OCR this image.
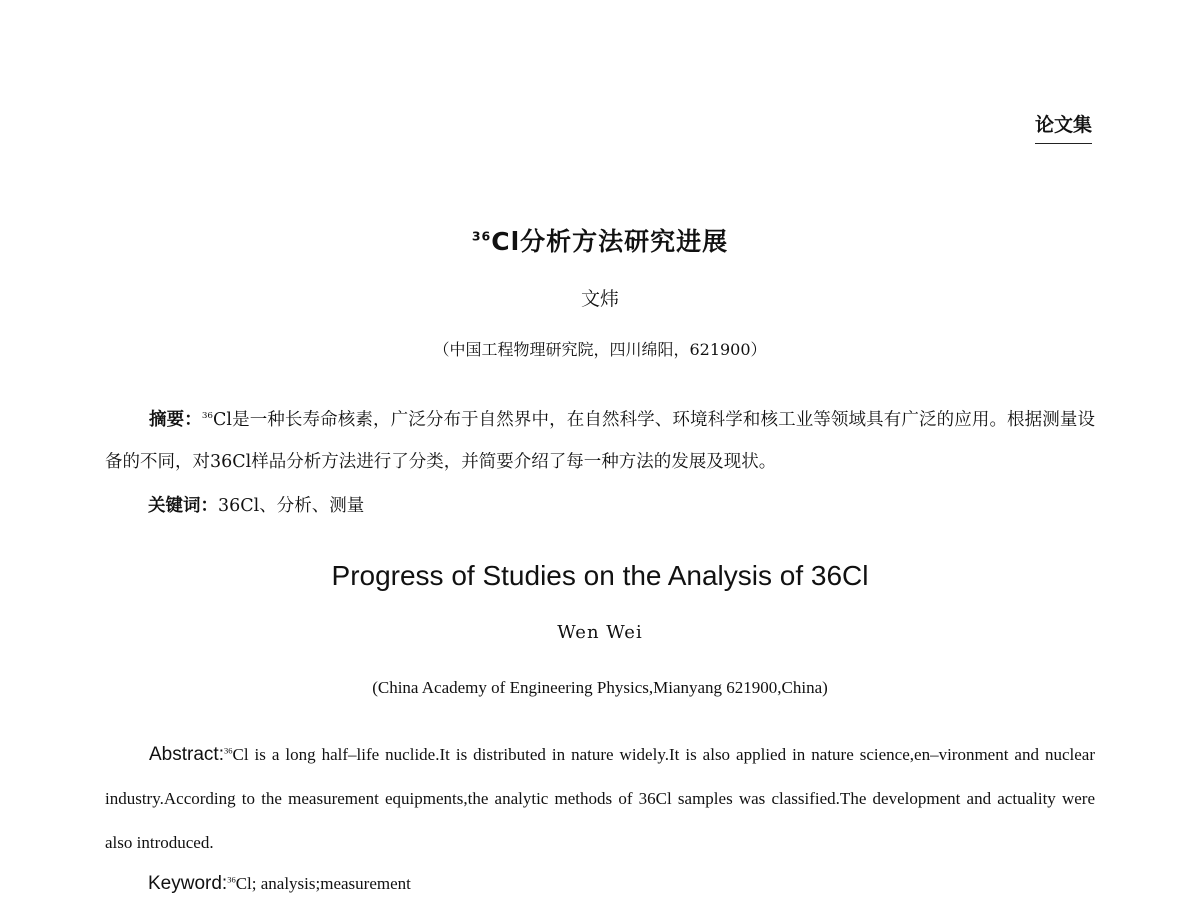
论文集
$^{36}$Cl分析方法研究进展
文炜
（中国工程物理研究院，四川绵阳，621900）
摘要：$^{36}$Cl是一种长寿命核素，广泛分布于自然界中，在自然科学、环境科学和核工业等领域具有广泛的应用。根据测量设备的不同，对36Cl样品分析方法进行了分类，并简要介绍了每一种方法的发展及现状。
关键词：36Cl、分析、测量
Progress of Studies on the Analysis of 36Cl
Wen Wei
(China Academy of Engineering Physics,Mianyang 621900,China)
Abstract:$^{36}$Cl is a long half–life nuclide.It is distributed in nature widely.It is also applied in nature science,en–vironment and nuclear industry.According to the measurement equipments,the analytic methods of 36Cl samples was classified.The development and actuality were also introduced.
Keyword:$^{36}$Cl; analysis;measurement
